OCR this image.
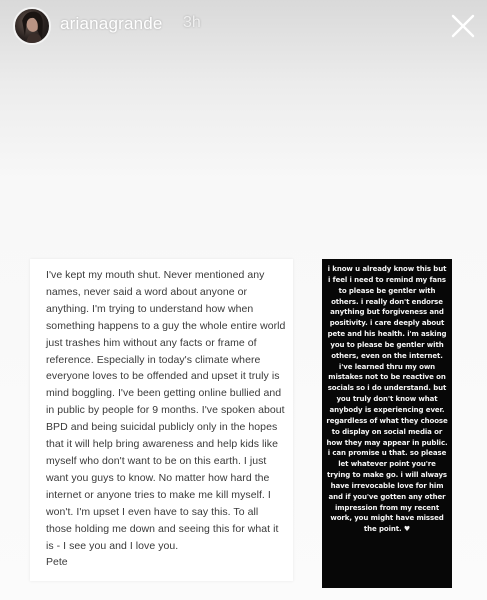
arianagrande 3h

I've kept my mouth shut. Never mentioned any names, never said a word about anyone or anything. I'm trying to understand how when something happens to a guy the whole entire world just trashes him without any facts or frame of reference. Especially in today's climate where everyone loves to be offended and upset it truly is mind boggling. I've been getting online bullied and in public by people for 9 months. I've spoken about BPD and being suicidal publicly only in the hopes that it will help bring awareness and help kids like myself who don't want to be on this earth. I just want you guys to know. No matter how hard the internet or anyone tries to make me kill myself. I won't. I'm upset I even have to say this. To all those holding me down and seeing this for what it is - I see you and I love you.

Pete

i know u already know this but i feel i need to remind my fans to please be gentler with others. i really don't endorse anything but forgiveness and positivity. i care deeply about pete and his health. i'm asking you to please be gentler with others, even on the internet. i've learned thru my own mistakes not to be reactive on socials so i do understand. but you truly don't know what anybody is experiencing ever. regardless of what they choose to display on social media or how they may appear in public. i can promise u that. so please let whatever point you're trying to make go. i will always have irrevocable love for him and if you've gotten any other impression from my recent work, you might have missed the point. ♥
